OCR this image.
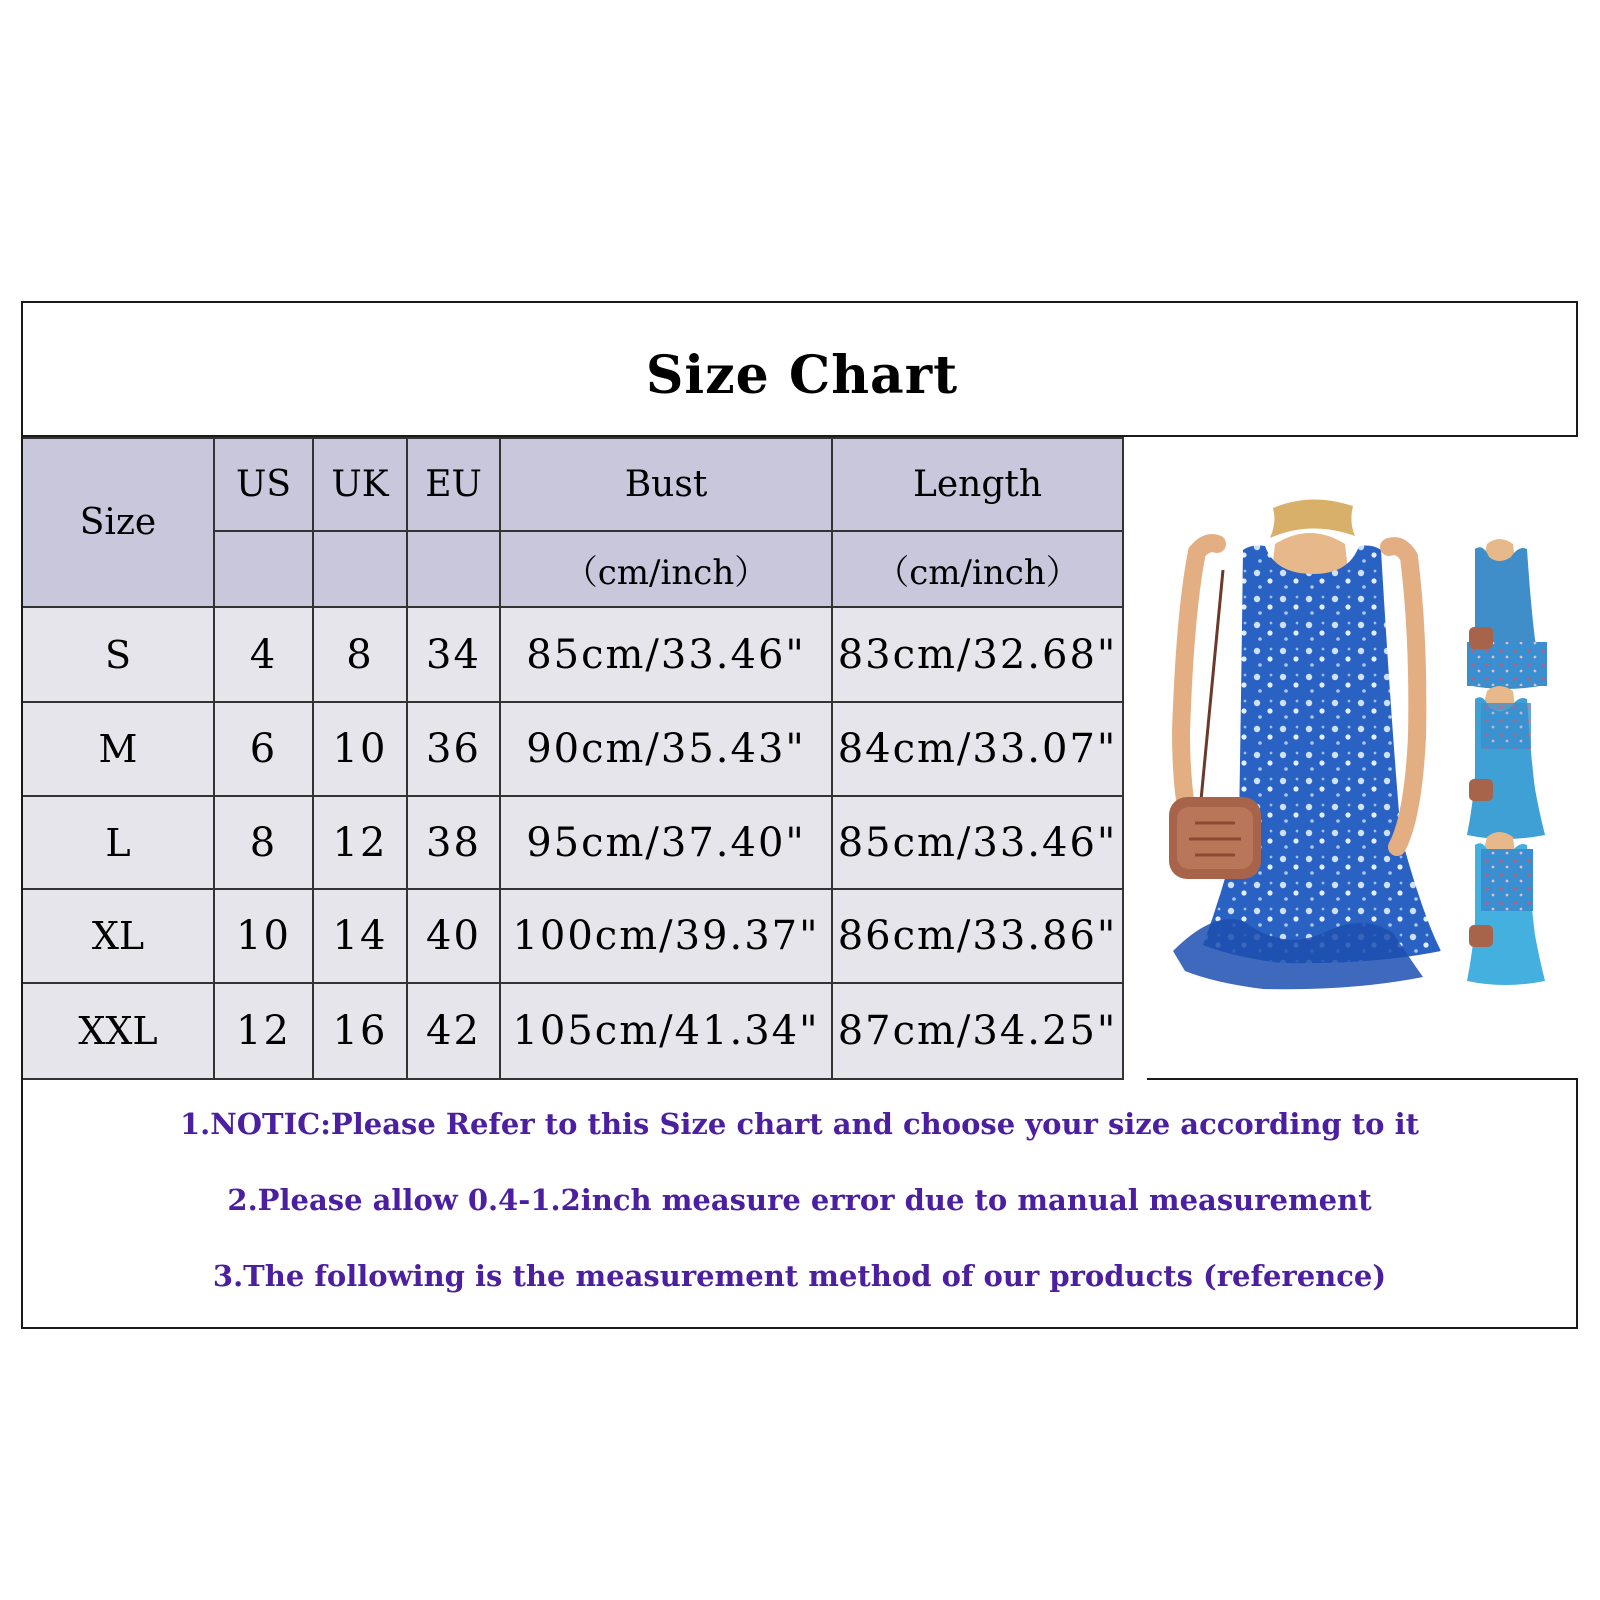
Size Chart
Size	US	UK	EU	Bust	Length
				（cm/inch）	（cm/inch）
S	4	8	34	85cm/33.46"	83cm/32.68"
M	6	10	36	90cm/35.43"	84cm/33.07"
L	8	12	38	95cm/37.40"	85cm/33.46"
XL	10	14	40	100cm/39.37"	86cm/33.86"
XXL	12	16	42	105cm/41.34"	87cm/34.25"
1.NOTIC:Please Refer to this Size chart and choose your size according to it
2.Please allow 0.4-1.2inch measure error due to manual measurement
3.The following is the measurement method of our products (reference)
